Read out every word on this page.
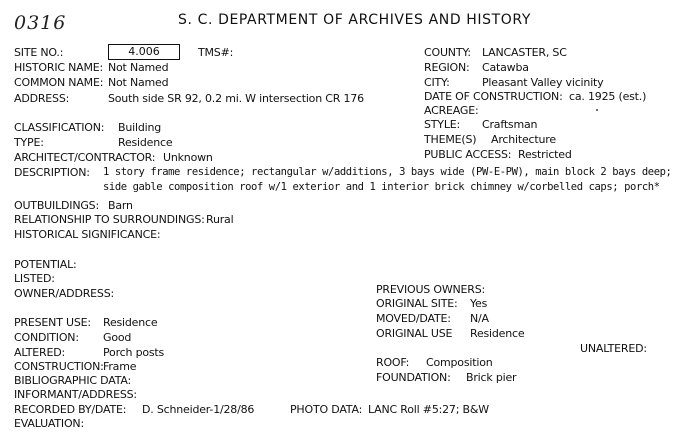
0316	S. C. DEPARTMENT OF ARCHIVES AND HISTORY
SITE NO.:	4.006	TMS#:
HISTORIC NAME: Not Named
COMMON NAME: Not Named
ADDRESS:	South side SR 92, 0.2 mi. W intersection CR 176
CLASSIFICATION: Building
TYPE:	Residence
ARCHITECT/CONTRACTOR: Unknown
DESCRIPTION: 1 story frame residence; rectangular w/additions, 3 bays wide (PW-E-PW), main block 2 bays deep;
side gable composition roof w/1 exterior and 1 interior brick chimney w/corbelled caps; porch*
OUTBUILDINGS: Barn
RELATIONSHIP TO SURROUNDINGS: Rural
HISTORICAL SIGNIFICANCE:
POTENTIAL:
LISTED:
OWNER/ADDRESS:
PRESENT USE: Residence
CONDITION: Good
ALTERED:	Porch posts
CONSTRUCTION: Frame
BIBLIOGRAPHIC DATA:
INFORMANT/ADDRESS:
RECORDED BY/DATE: D. Schneider-1/28/86	PHOTO DATA: LANC Roll #5:27; B&W
EVALUATION:
COUNTY: LANCASTER, SC
REGION: Catawba
CITY:	Pleasant Valley vicinity
DATE OF CONSTRUCTION: ca. 1925 (est.)
ACREAGE:
STYLE: Craftsman
THEME(S) Architecture
PUBLIC ACCESS: Restricted
PREVIOUS OWNERS:
ORIGINAL SITE: Yes
MOVED/DATE: N/A
ORIGINAL USE Residence
UNALTERED:
ROOF: Composition
FOUNDATION: Brick pier
